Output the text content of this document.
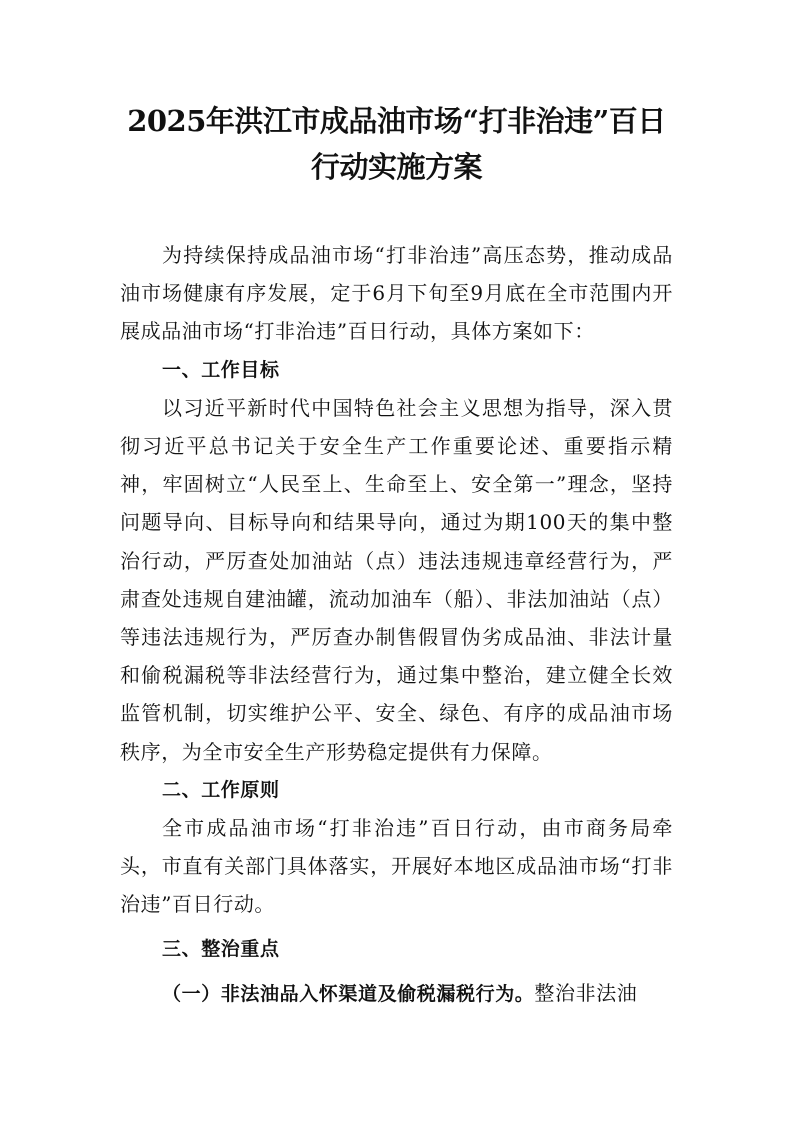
2025年洪江市成品油市场“打非治违”百日
行动实施方案

为持续保持成品油市场“打非治违”高压态势，推动成品油市场健康有序发展，定于6月下旬至9月底在全市范围内开展成品油市场“打非治违”百日行动，具体方案如下：

一、工作目标

以习近平新时代中国特色社会主义思想为指导，深入贯彻习近平总书记关于安全生产工作重要论述、重要指示精神，牢固树立“人民至上、生命至上、安全第一”理念，坚持问题导向、目标导向和结果导向，通过为期100天的集中整治行动，严厉查处加油站（点）违法违规违章经营行为，严肃查处违规自建油罐，流动加油车（船）、非法加油站（点）等违法违规行为，严厉查办制售假冒伪劣成品油、非法计量和偷税漏税等非法经营行为，通过集中整治，建立健全长效监管机制，切实维护公平、安全、绿色、有序的成品油市场秩序，为全市安全生产形势稳定提供有力保障。

二、工作原则

全市成品油市场“打非治违”百日行动，由市商务局牵头，市直有关部门具体落实，开展好本地区成品油市场“打非治违”百日行动。

三、整治重点

（一）非法油品入怀渠道及偷税漏税行为。整治非法油
